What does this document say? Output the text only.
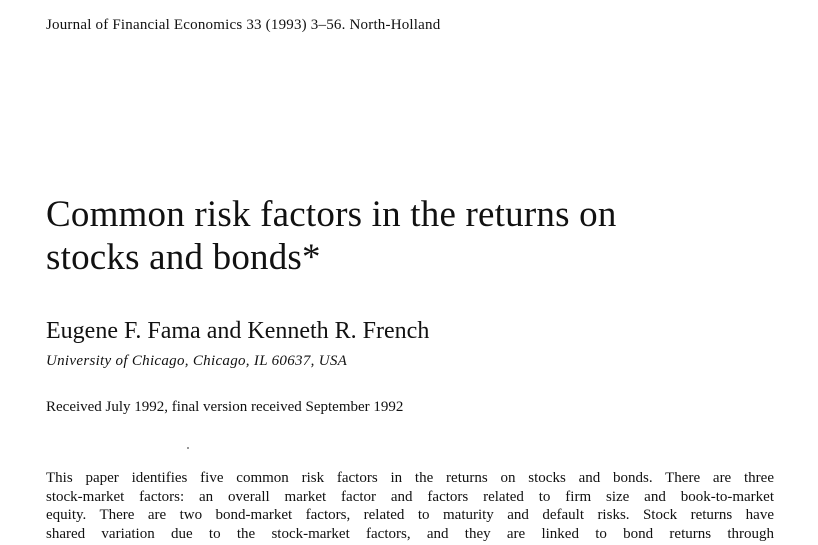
Journal of Financial Economics 33 (1993) 3–56. North-Holland
Common risk factors in the returns on
stocks and bonds*
Eugene F. Fama and Kenneth R. French
University of Chicago, Chicago, IL 60637, USA
Received July 1992, final version received September 1992
This paper identifies five common risk factors in the returns on stocks and bonds. There are three
stock-market factors: an overall market factor and factors related to firm size and book-to-market
equity. There are two bond-market factors, related to maturity and default risks. Stock returns have
shared variation due to the stock-market factors, and they are linked to bond returns through
